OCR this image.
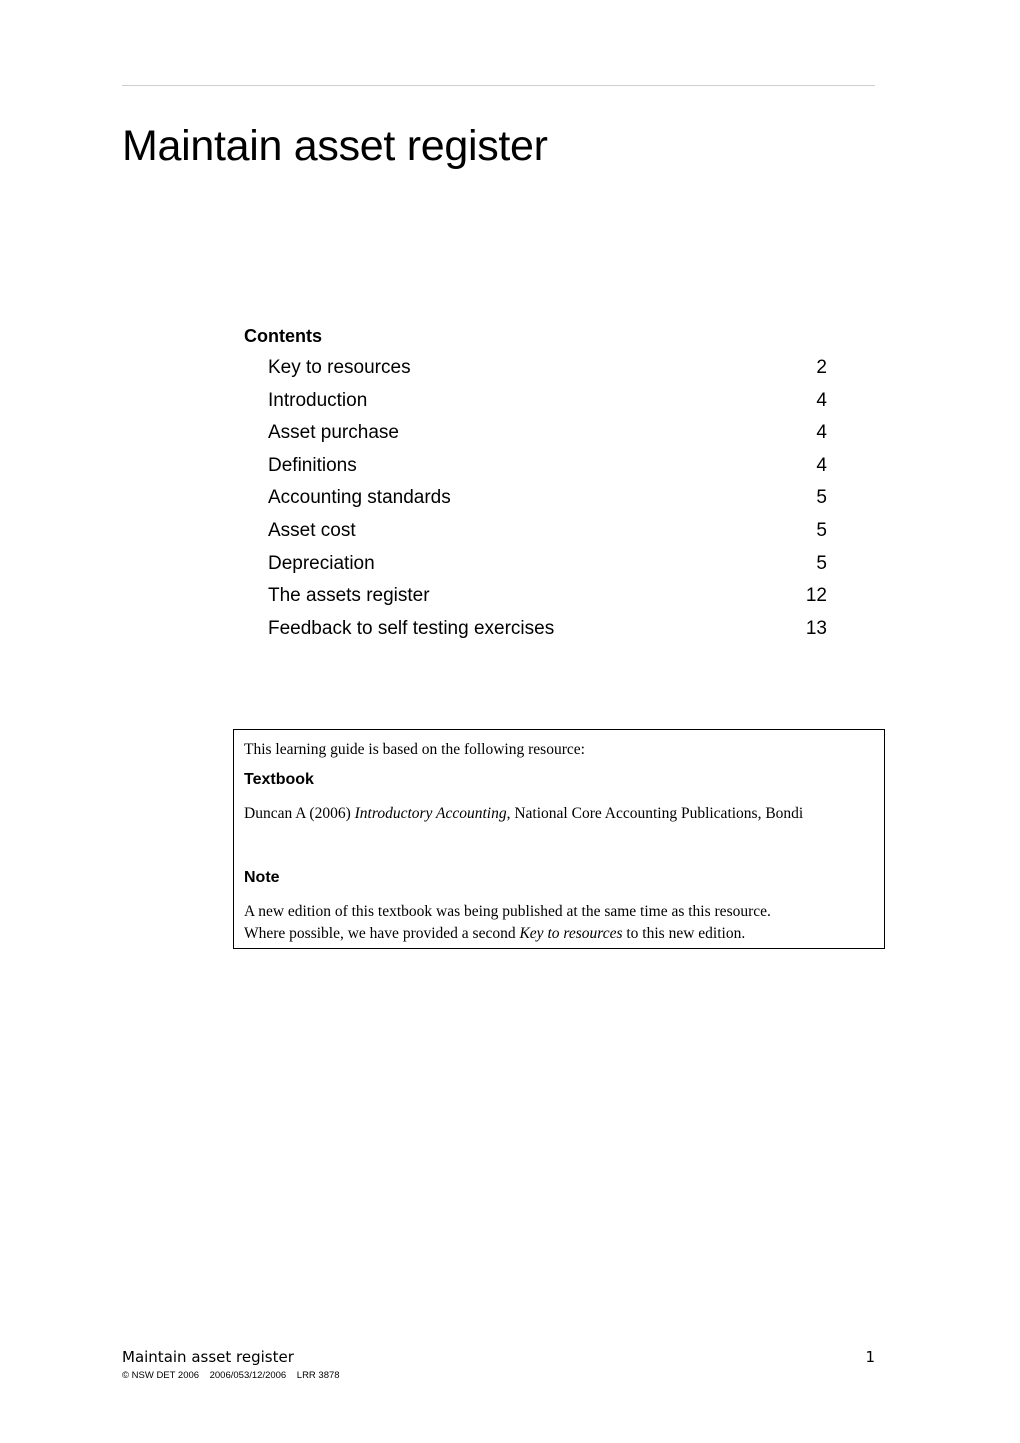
Maintain asset register
Contents
Key to resources	2
Introduction	4
Asset purchase	4
Definitions	4
Accounting standards	5
Asset cost	5
Depreciation	5
The assets register	12
Feedback to self testing exercises	13

This learning guide is based on the following resource:

Textbook

Duncan A (2006) Introductory Accounting, National Core Accounting Publications, Bondi

Note

A new edition of this textbook was being published at the same time as this resource.
Where possible, we have provided a second Key to resources to this new edition.

Maintain asset register	1
© NSW DET 2006 2006/053/12/2006 LRR 3878
